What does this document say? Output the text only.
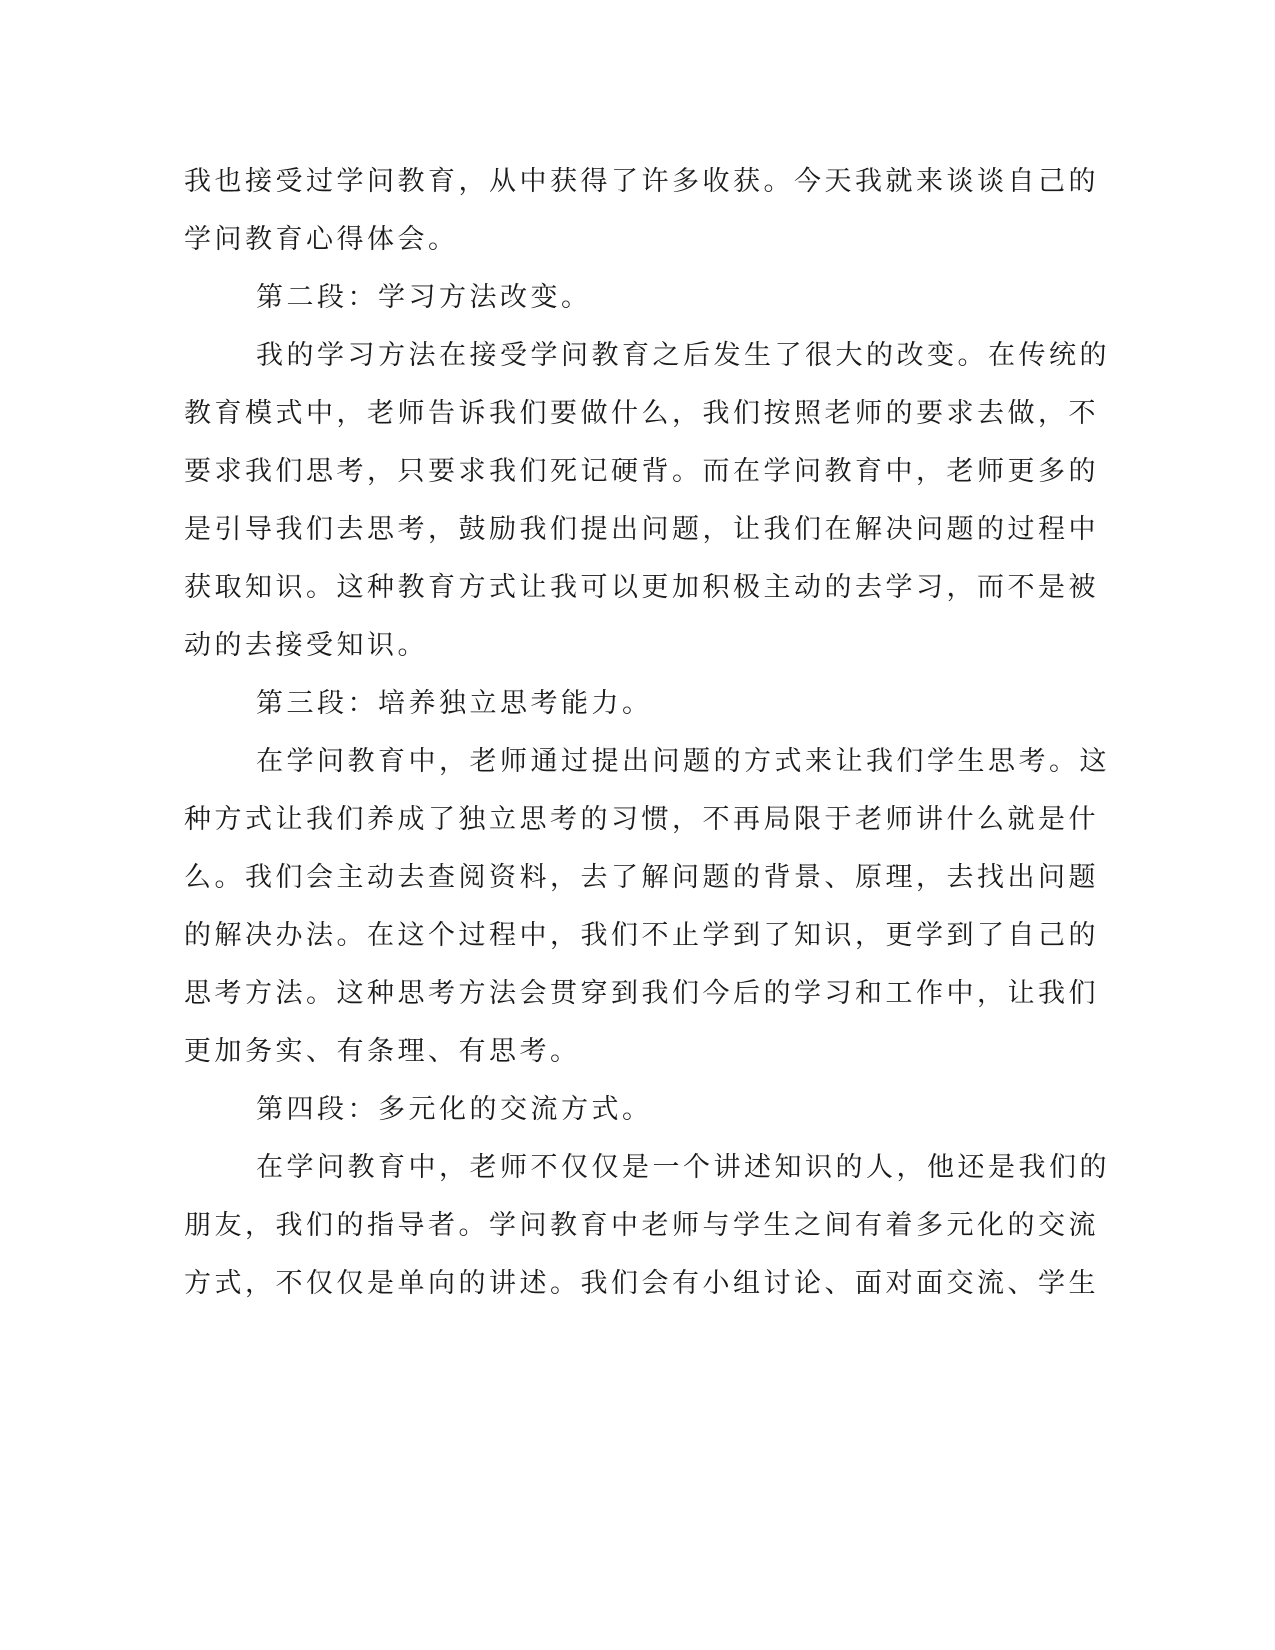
我也接受过学问教育，从中获得了许多收获。今天我就来谈谈自己的
学问教育心得体会。
第二段：学习方法改变。
我的学习方法在接受学问教育之后发生了很大的改变。在传统的
教育模式中，老师告诉我们要做什么，我们按照老师的要求去做，不
要求我们思考，只要求我们死记硬背。而在学问教育中，老师更多的
是引导我们去思考，鼓励我们提出问题，让我们在解决问题的过程中
获取知识。这种教育方式让我可以更加积极主动的去学习，而不是被
动的去接受知识。
第三段：培养独立思考能力。
在学问教育中，老师通过提出问题的方式来让我们学生思考。这
种方式让我们养成了独立思考的习惯，不再局限于老师讲什么就是什
么。我们会主动去查阅资料，去了解问题的背景、原理，去找出问题
的解决办法。在这个过程中，我们不止学到了知识，更学到了自己的
思考方法。这种思考方法会贯穿到我们今后的学习和工作中，让我们
更加务实、有条理、有思考。
第四段：多元化的交流方式。
在学问教育中，老师不仅仅是一个讲述知识的人，他还是我们的
朋友，我们的指导者。学问教育中老师与学生之间有着多元化的交流
方式，不仅仅是单向的讲述。我们会有小组讨论、面对面交流、学生
